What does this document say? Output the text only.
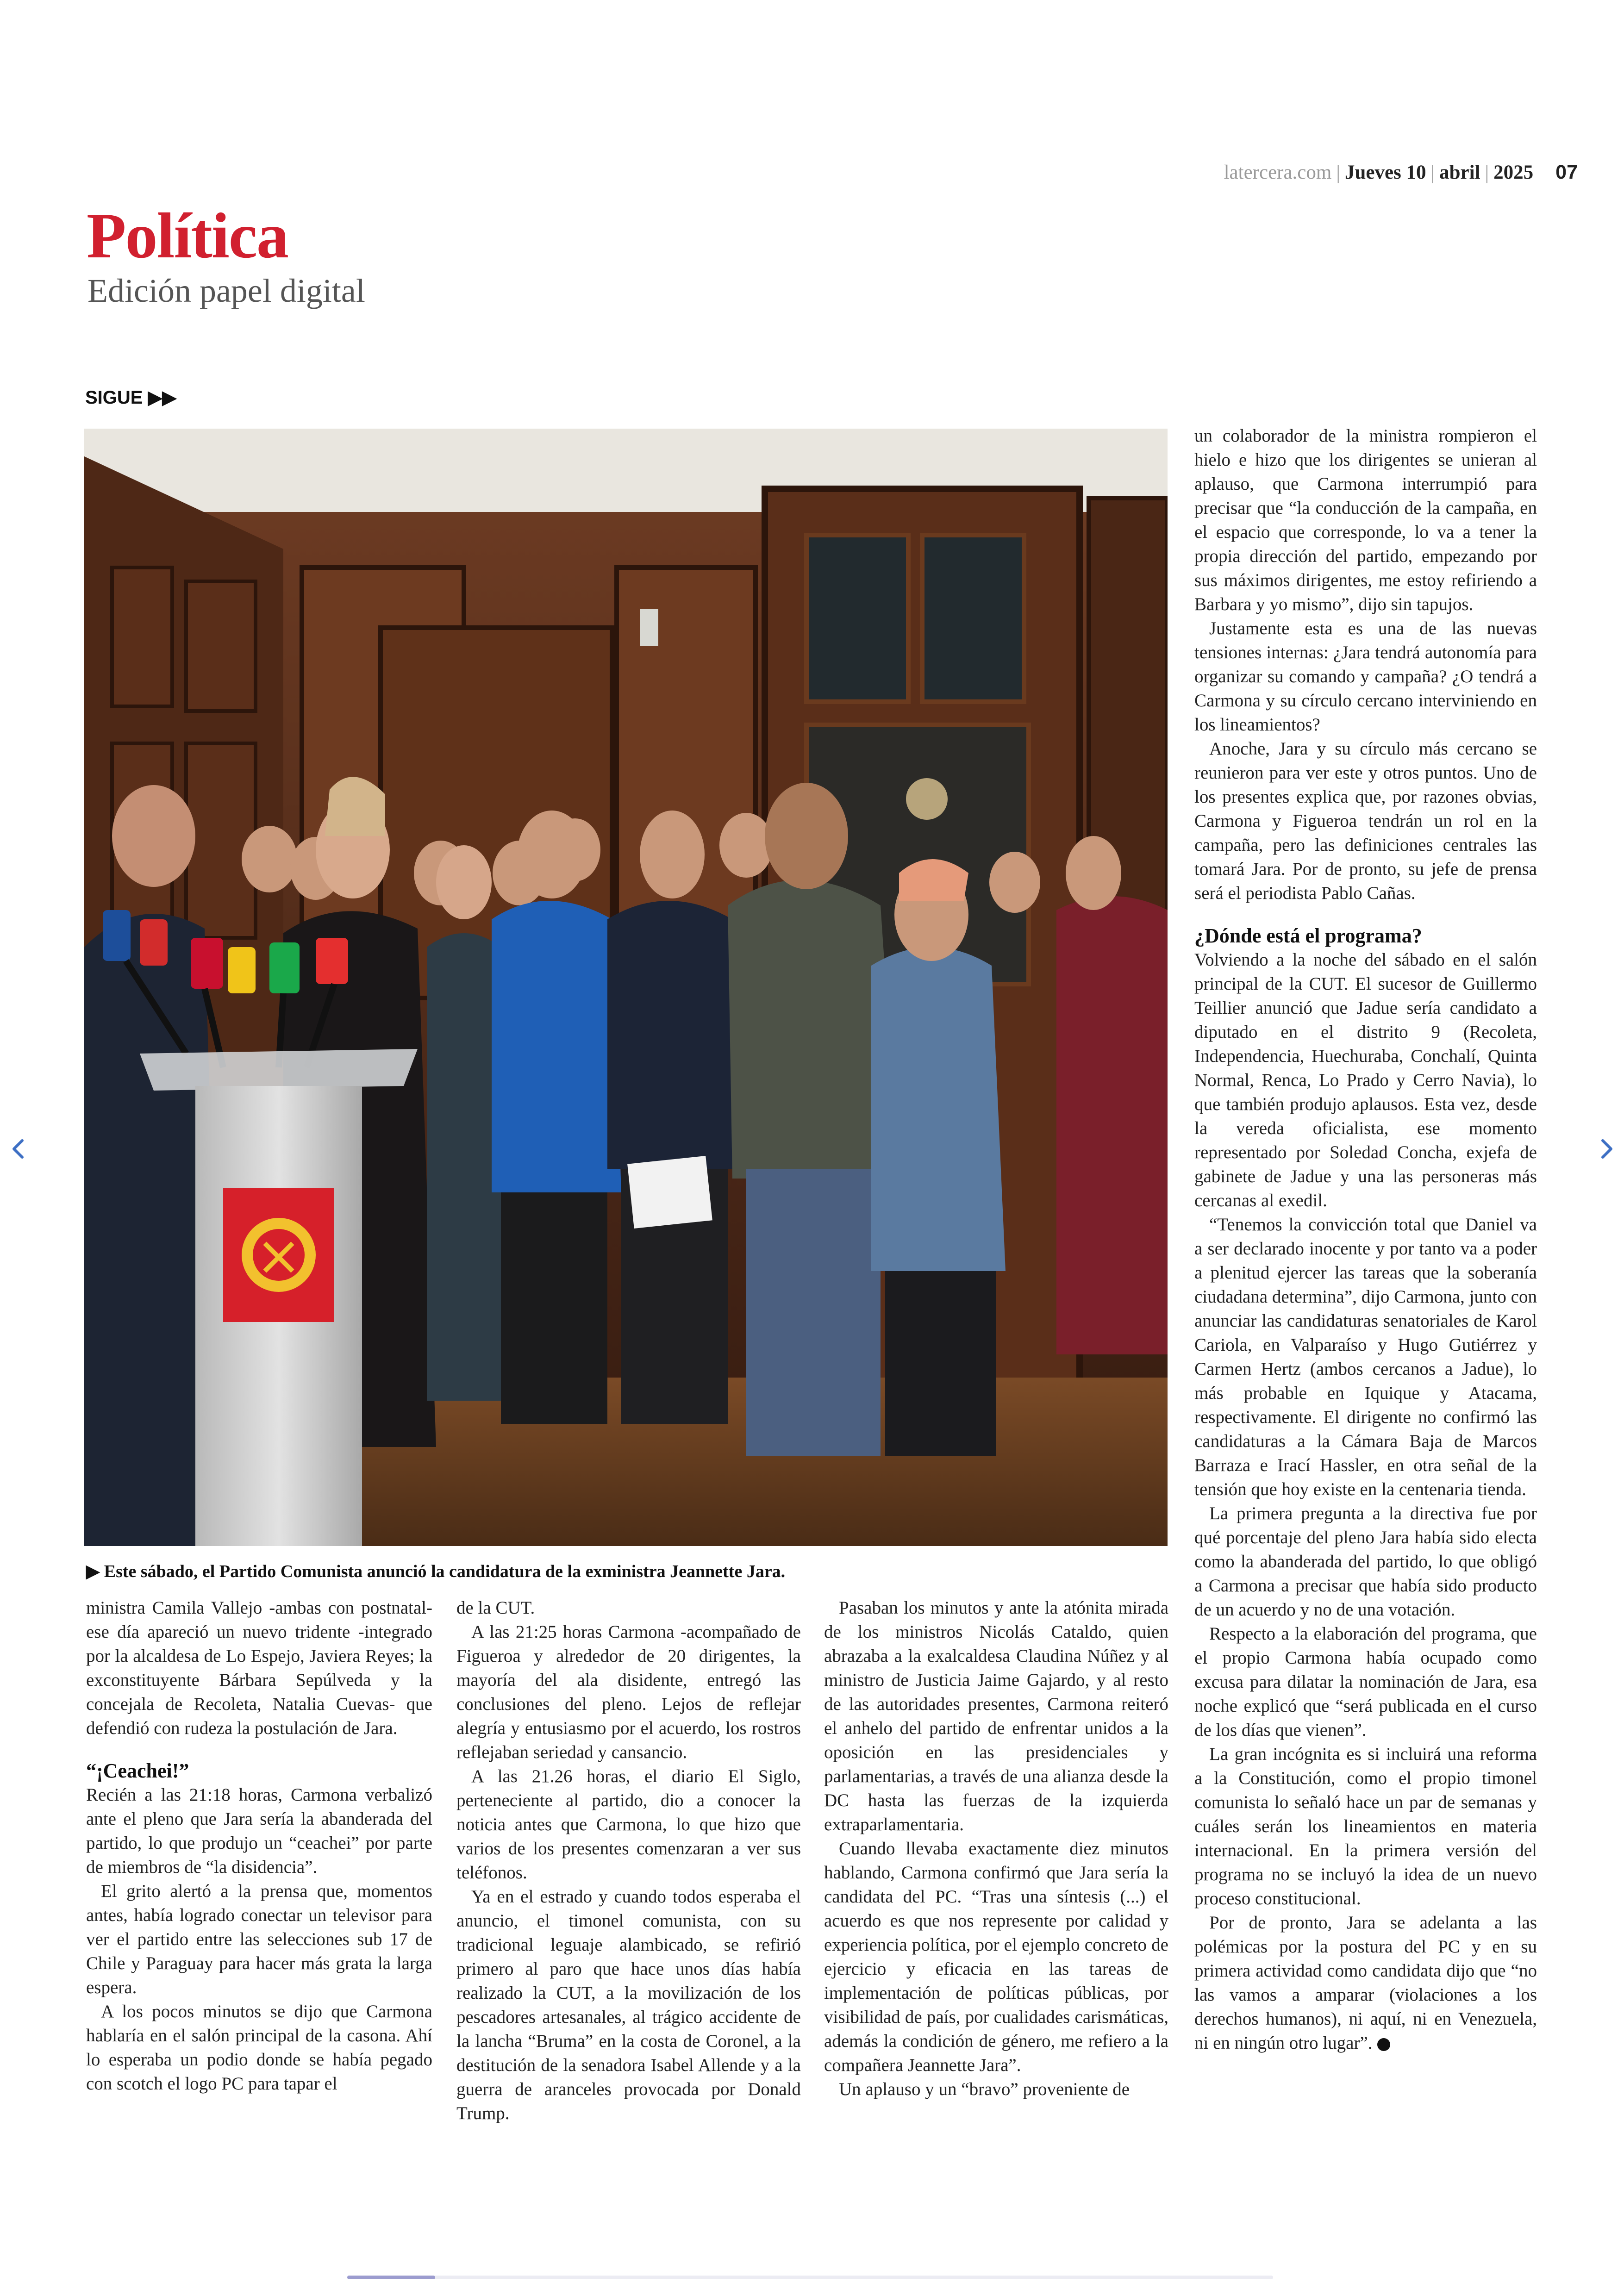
latercera.com | Jueves 10 | abril | 2025 07
Política
Edición papel digital
SIGUE ▶▶
▶ Este sábado, el Partido Comunista anunció la candidatura de la exministra Jeannette Jara.

ministra Camila Vallejo -ambas con postnatal- ese día apareció un nuevo tridente -integrado por la alcaldesa de Lo Espejo, Javiera Reyes; la exconstituyente Bárbara Sepúlveda y la concejala de Recoleta, Natalia Cuevas- que defendió con rudeza la postulación de Jara.

“¡Ceachei!”

Recién a las 21:18 horas, Carmona verbalizó ante el pleno que Jara sería la abanderada del partido, lo que produjo un “ceachei” por parte de miembros de “la disidencia”.

El grito alertó a la prensa que, momentos antes, había logrado conectar un televisor para ver el partido entre las selecciones sub 17 de Chile y Paraguay para hacer más grata la larga espera.

A los pocos minutos se dijo que Carmona hablaría en el salón principal de la casona. Ahí lo esperaba un podio donde se había pegado con scotch el logo PC para tapar el

de la CUT.

A las 21:25 horas Carmona -acompañado de Figueroa y alrededor de 20 dirigentes, la mayoría del ala disidente, entregó las conclusiones del pleno. Lejos de reflejar alegría y entusiasmo por el acuerdo, los rostros reflejaban seriedad y cansancio.

A las 21.26 horas, el diario El Siglo, perteneciente al partido, dio a conocer la noticia antes que Carmona, lo que hizo que varios de los presentes comenzaran a ver sus teléfonos.

Ya en el estrado y cuando todos esperaba el anuncio, el timonel comunista, con su tradicional leguaje alambicado, se refirió primero al paro que hace unos días había realizado la CUT, a la movilización de los pescadores artesanales, al trágico accidente de la lancha “Bruma” en la costa de Coronel, a la destitución de la senadora Isabel Allende y a la guerra de aranceles provocada por Donald Trump.

Pasaban los minutos y ante la atónita mirada de los ministros Nicolás Cataldo, quien abrazaba a la exalcaldesa Claudina Núñez y al ministro de Justicia Jaime Gajardo, y al resto de las autoridades presentes, Carmona reiteró el anhelo del partido de enfrentar unidos a la oposición en las presidenciales y parlamentarias, a través de una alianza desde la DC hasta las fuerzas de la izquierda extraparlamentaria.

Cuando llevaba exactamente diez minutos hablando, Carmona confirmó que Jara sería la candidata del PC. “Tras una síntesis (...) el acuerdo es que nos represente por calidad y experiencia política, por el ejemplo concreto de ejercicio y eficacia en las tareas de implementación de políticas públicas, por visibilidad de país, por cualidades carismáticas, además la condición de género, me refiero a la compañera Jeannette Jara”.

Un aplauso y un “bravo” proveniente de

un colaborador de la ministra rompieron el hielo e hizo que los dirigentes se unieran al aplauso, que Carmona interrumpió para precisar que “la conducción de la campaña, en el espacio que corresponde, lo va a tener la propia dirección del partido, empezando por sus máximos dirigentes, me estoy refiriendo a Barbara y yo mismo”, dijo sin tapujos.

Justamente esta es una de las nuevas tensiones internas: ¿Jara tendrá autonomía para organizar su comando y campaña? ¿O tendrá a Carmona y su círculo cercano interviniendo en los lineamientos?

Anoche, Jara y su círculo más cercano se reunieron para ver este y otros puntos. Uno de los presentes explica que, por razones obvias, Carmona y Figueroa tendrán un rol en la campaña, pero las definiciones centrales las tomará Jara. Por de pronto, su jefe de prensa será el periodista Pablo Cañas.

¿Dónde está el programa?

Volviendo a la noche del sábado en el salón principal de la CUT. El sucesor de Guillermo Teillier anunció que Jadue sería candidato a diputado en el distrito 9 (Recoleta, Independencia, Huechuraba, Conchalí, Quinta Normal, Renca, Lo Prado y Cerro Navia), lo que también produjo aplausos. Esta vez, desde la vereda oficialista, ese momento representado por Soledad Concha, exjefa de gabinete de Jadue y una las personeras más cercanas al exedil.

“Tenemos la convicción total que Daniel va a ser declarado inocente y por tanto va a poder a plenitud ejercer las tareas que la soberanía ciudadana determina”, dijo Carmona, junto con anunciar las candidaturas senatoriales de Karol Cariola, en Valparaíso y Hugo Gutiérrez y Carmen Hertz (ambos cercanos a Jadue), lo más probable en Iquique y Atacama, respectivamente. El dirigente no confirmó las candidaturas a la Cámara Baja de Marcos Barraza e Irací Hassler, en otra señal de la tensión que hoy existe en la centenaria tienda.

La primera pregunta a la directiva fue por qué porcentaje del pleno Jara había sido electa como la abanderada del partido, lo que obligó a Carmona a precisar que había sido producto de un acuerdo y no de una votación.

Respecto a la elaboración del programa, que el propio Carmona había ocupado como excusa para dilatar la nominación de Jara, esa noche explicó que “será publicada en el curso de los días que vienen”.

La gran incógnita es si incluirá una reforma a la Constitución, como el propio timonel comunista lo señaló hace un par de semanas y cuáles serán los lineamientos en materia internacional. En la primera versión del programa no se incluyó la idea de un nuevo proceso constitucional.

Por de pronto, Jara se adelanta a las polémicas por la postura del PC y en su primera actividad como candidata dijo que “no las vamos a amparar (violaciones a los derechos humanos), ni aquí, ni en Venezuela, ni en ningún otro lugar”.
